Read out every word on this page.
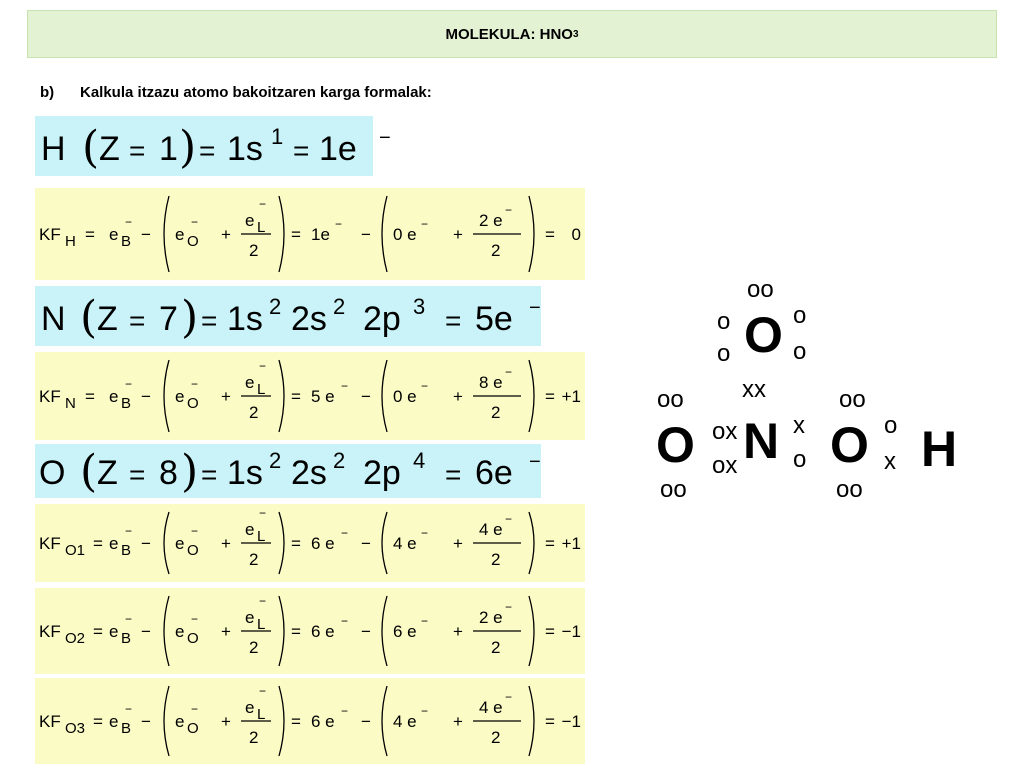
MOLEKULA: HNO 3
b) Kalkula itzazu atomo bakoitzaren karga formalak:
H ( Z = 1 ) = 1s 1 = 1e −
N ( Z = 7 ) = 1s 2 2s 2 2p 3 = 5e −
O ( Z = 8 ) = 1s 2 2s 2 2p 4 = 6e −
KF H = e B
−
− e O
−
+
e L
−
2
= 1e
−
− 0 e
−
+
2 e
−
2
= 0
KF N = e B
−
− e O
−
+
e L
−
2
= 5 e
−
− 0 e
−
+
8 e
−
2
= +1
KF O1 = e B
−
− e O
−
+
e L
−
2
= 6 e
−
− 4 e
−
+
4 e
−
2
= +1
KF O2 = e B
−
− e O
−
+
e L
−
2
= 6 e
−
− 6 e
−
+
2 e
−
2
= −1
KF O3 = e B
−
− e O
−
+
e L
−
2
= 6 e
−
− 4 e
−
+
4 e
−
2
= −1
oo
O
o
o
o
o
xx
oo
O
oo
ox
ox N x
o
oo
O
oo
o
x H
